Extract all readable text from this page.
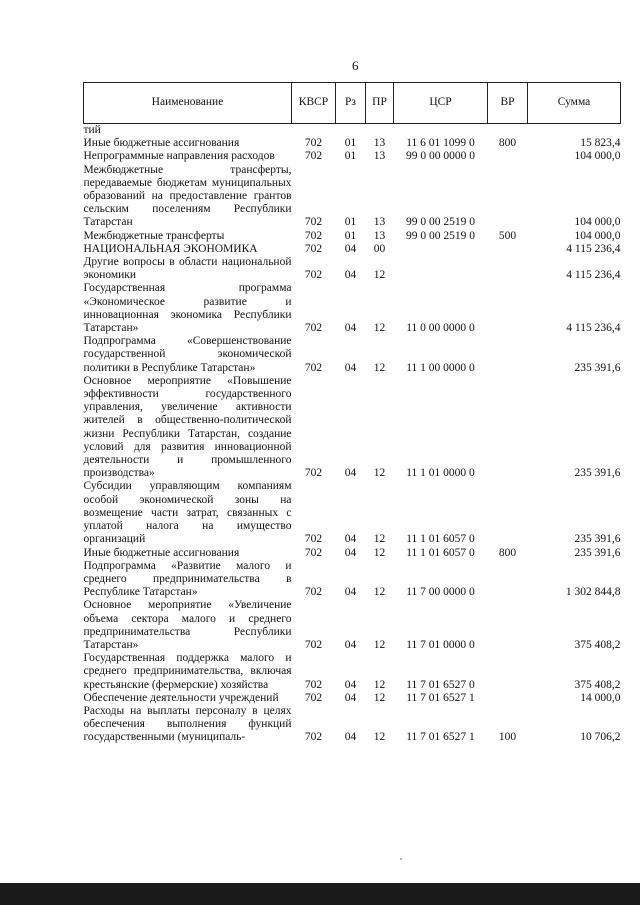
6
Наименование	КВСР	Рз	ПР	ЦСР	ВР	Сумма
тий						
Иные бюджетные ассигнования	702	01	13	11 6 01 1099 0	800	15 823,4
Непрограммные направления расходов	702	01	13	99 0 00 0000 0		104 000,0
Межбюджетные трансферты, передаваемые бюджетам муниципальных образований на предоставление грантов сельским поселениям Республики Татарстан	702	01	13	99 0 00 2519 0		104 000,0
Межбюджетные трансферты	702	01	13	99 0 00 2519 0	500	104 000,0
НАЦИОНАЛЬНАЯ ЭКОНОМИКА	702	04	00			4 115 236,4
Другие вопросы в области национальной экономики	702	04	12			4 115 236,4
Государственная программа «Экономическое развитие и инновационная экономика Республики Татарстан»	702	04	12	11 0 00 0000 0		4 115 236,4
Подпрограмма «Совершенствование государственной экономической политики в Республике Татарстан»	702	04	12	11 1 00 0000 0		235 391,6
Основное мероприятие «Повышение эффективности государственного управления, увеличение активности жителей в общественно-политической жизни Республики Татарстан, создание условий для развития инновационной деятельности и промышленного производства»	702	04	12	11 1 01 0000 0		235 391,6
Субсидии управляющим компаниям особой экономической зоны на возмещение части затрат, связанных с уплатой налога на имущество организаций	702	04	12	11 1 01 6057 0		235 391,6
Иные бюджетные ассигнования	702	04	12	11 1 01 6057 0	800	235 391,6
Подпрограмма «Развитие малого и среднего предпринимательства в Республике Татарстан»	702	04	12	11 7 00 0000 0		1 302 844,8
Основное мероприятие «Увеличение объема сектора малого и среднего предпринимательства Республики Татарстан»	702	04	12	11 7 01 0000 0		375 408,2
Государственная поддержка малого и среднего предпринимательства, включая крестьянские (фермерские) хозяйства	702	04	12	11 7 01 6527 0		375 408,2
Обеспечение деятельности учреждений	702	04	12	11 7 01 6527 1		14 000,0
Расходы на выплаты персоналу в целях обеспечения выполнения функций государственными (муниципаль-	702	04	12	11 7 01 6527 1	100	10 706,2
